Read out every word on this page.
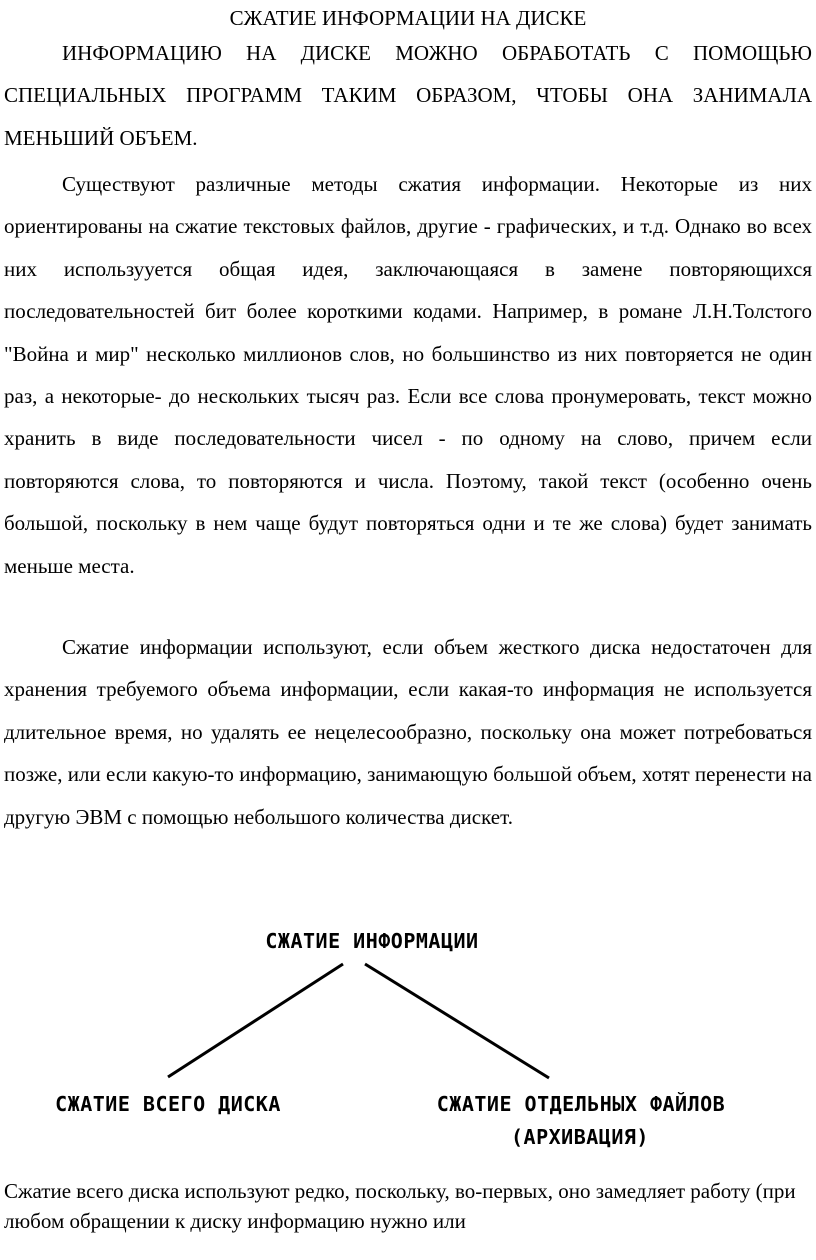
СЖАТИЕ ИНФОРМАЦИИ НА ДИСКЕ

ИНФОРМАЦИЮ НА ДИСКЕ МОЖНО ОБРАБОТАТЬ С ПОМОЩЬЮ СПЕЦИАЛЬНЫХ ПРОГРАММ ТАКИМ ОБРАЗОМ, ЧТОБЫ ОНА ЗАНИМАЛА МЕНЬШИЙ ОБЪЕМ.

Существуют различные методы сжатия информации. Некоторые из них ориентированы на сжатие текстовых файлов, другие - графических, и т.д. Однако во всех них использууется общая идея, заключающаяся в замене повторяющихся последовательностей бит более короткими кодами. Например, в романе Л.Н.Толстого "Война и мир" несколько миллионов слов, но большинство из них повторяется не один раз, а некоторые- до нескольких тысяч раз. Если все слова пронумеровать, текст можно хранить в виде последовательности чисел - по одному на слово, причем если повторяются слова, то повторяются и числа. Поэтому, такой текст (особенно очень большой, поскольку в нем чаще будут повторяться одни и те же слова) будет занимать меньше места.

Сжатие информации используют, если объем жесткого диска недостаточен для хранения требуемого объема информации, если какая-то информация не используется длительное время, но удалять ее нецелесообразно, поскольку она может потребоваться позже, или если какую-то информацию, занимающую большой объем, хотят перенести на другую ЭВМ с помощью небольшого количества дискет.

СЖАТИЕ ИНФОРМАЦИИ
СЖАТИЕ ВСЕГО ДИСКА	СЖАТИЕ ОТДЕЛЬНЫХ ФАЙЛОВ
(АРХИВАЦИЯ)

Сжатие всего диска используют редко, поскольку, во-первых, оно замедляет работу (при любом обращении к диску информацию нужно или
